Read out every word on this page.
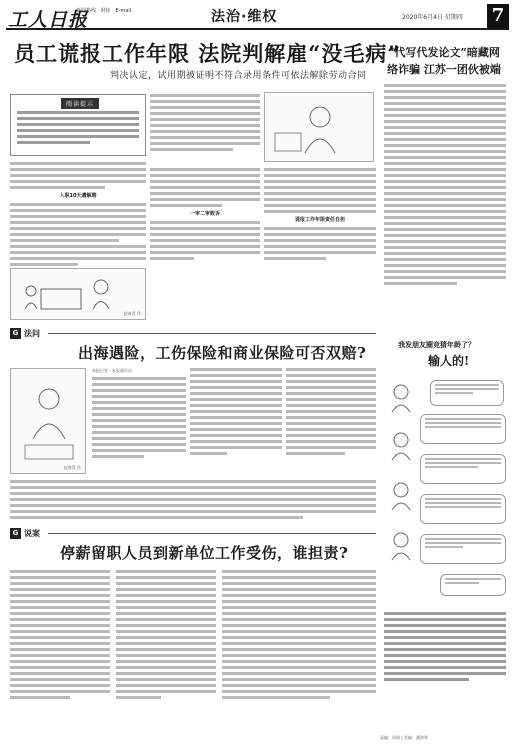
工人日报
新闻热线 · 网址 · E-mail	法治·维权	2020年6月4日 星期四 7
员工谎报工作年限 法院判解雇“没毛病”
判决认定，试用期被证明不符合录用条件可依法解除劳动合同
阅读提示
入职10天遭解聘
赵春青 作
一审二审败诉
谎报工作年限责任自担
“代写代发论文”暗藏网络诈骗 江苏一团伙被端
我发朋友圈竞猜年龄了？
输人的!
G 法问
出海遇险，工伤保险和商业保险可否双赔?
赵春青 作
本报记者 · 本报通讯员
G 说案
停薪留职人员到新单位工作受伤，谁担责?
责编：周倩 | 美编：潘海琴
